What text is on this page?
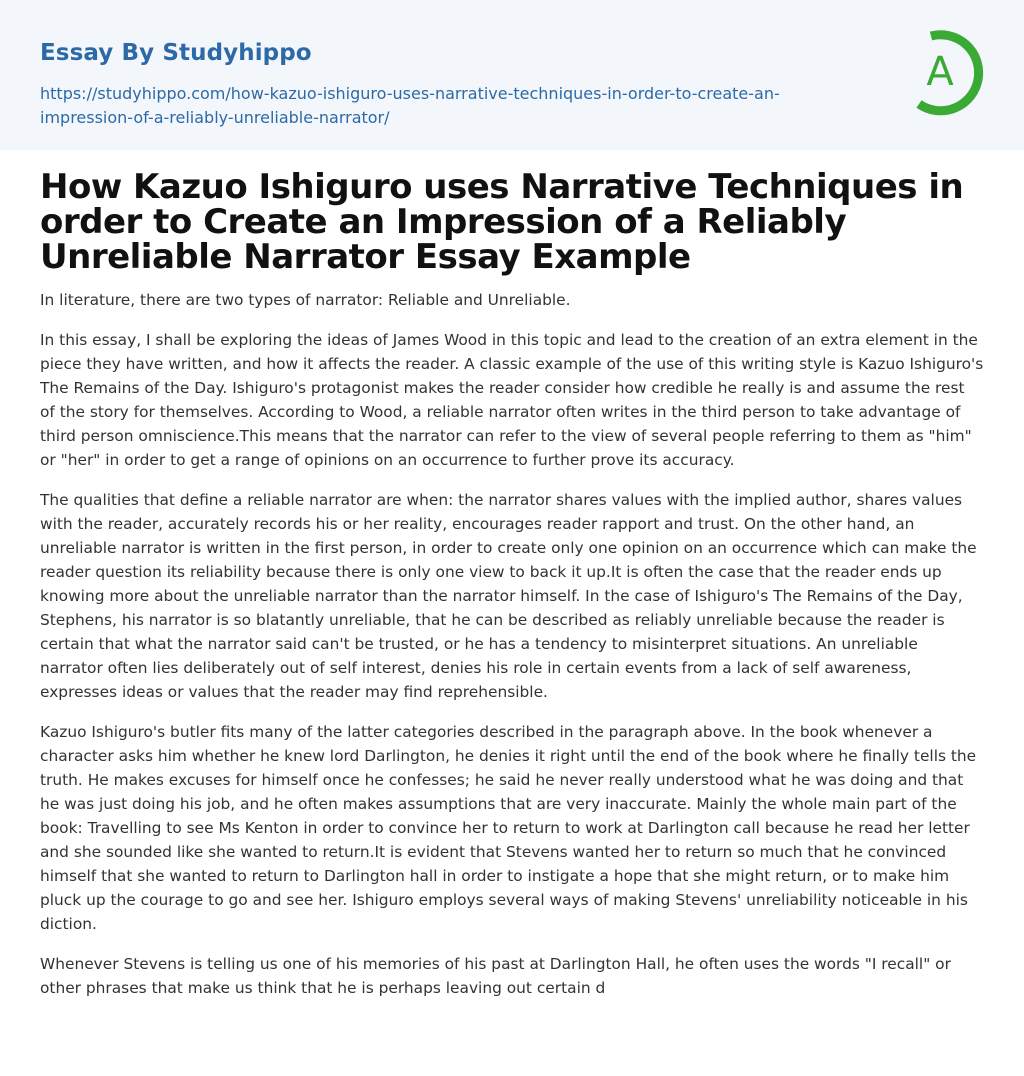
Essay By Studyhippo
https://studyhippo.com/how-kazuo-ishiguro-uses-narrative-techniques-in-order-to-create-an-
impression-of-a-reliably-unreliable-narrator/
A
How Kazuo Ishiguro uses Narrative Techniques in order to Create an Impression of a Reliably Unreliable Narrator Essay Example

In literature, there are two types of narrator: Reliable and Unreliable.

In this essay, I shall be exploring the ideas of James Wood in this topic and lead to the creation of an extra element in the piece they have written, and how it affects the reader. A classic example of the use of this writing style is Kazuo Ishiguro's The Remains of the Day. Ishiguro's protagonist makes the reader consider how credible he really is and assume the rest of the story for themselves. According to Wood, a reliable narrator often writes in the third person to take advantage of third person omniscience.This means that the narrator can refer to the view of several people referring to them as "him" or "her" in order to get a range of opinions on an occurrence to further prove its accuracy.

The qualities that define a reliable narrator are when: the narrator shares values with the implied author, shares values with the reader, accurately records his or her reality, encourages reader rapport and trust. On the other hand, an unreliable narrator is written in the first person, in order to create only one opinion on an occurrence which can make the reader question its reliability because there is only one view to back it up.It is often the case that the reader ends up knowing more about the unreliable narrator than the narrator himself. In the case of Ishiguro's The Remains of the Day, Stephens, his narrator is so blatantly unreliable, that he can be described as reliably unreliable because the reader is certain that what the narrator said can't be trusted, or he has a tendency to misinterpret situations. An unreliable narrator often lies deliberately out of self interest, denies his role in certain events from a lack of self awareness, expresses ideas or values that the reader may find reprehensible.

Kazuo Ishiguro's butler fits many of the latter categories described in the paragraph above. In the book whenever a character asks him whether he knew lord Darlington, he denies it right until the end of the book where he finally tells the truth. He makes excuses for himself once he confesses; he said he never really understood what he was doing and that he was just doing his job, and he often makes assumptions that are very inaccurate. Mainly the whole main part of the book: Travelling to see Ms Kenton in order to convince her to return to work at Darlington call because he read her letter and she sounded like she wanted to return.It is evident that Stevens wanted her to return so much that he convinced himself that she wanted to return to Darlington hall in order to instigate a hope that she might return, or to make him pluck up the courage to go and see her. Ishiguro employs several ways of making Stevens' unreliability noticeable in his diction.

Whenever Stevens is telling us one of his memories of his past at Darlington Hall, he often uses the words "I recall" or other phrases that make us think that he is perhaps leaving out certain d
